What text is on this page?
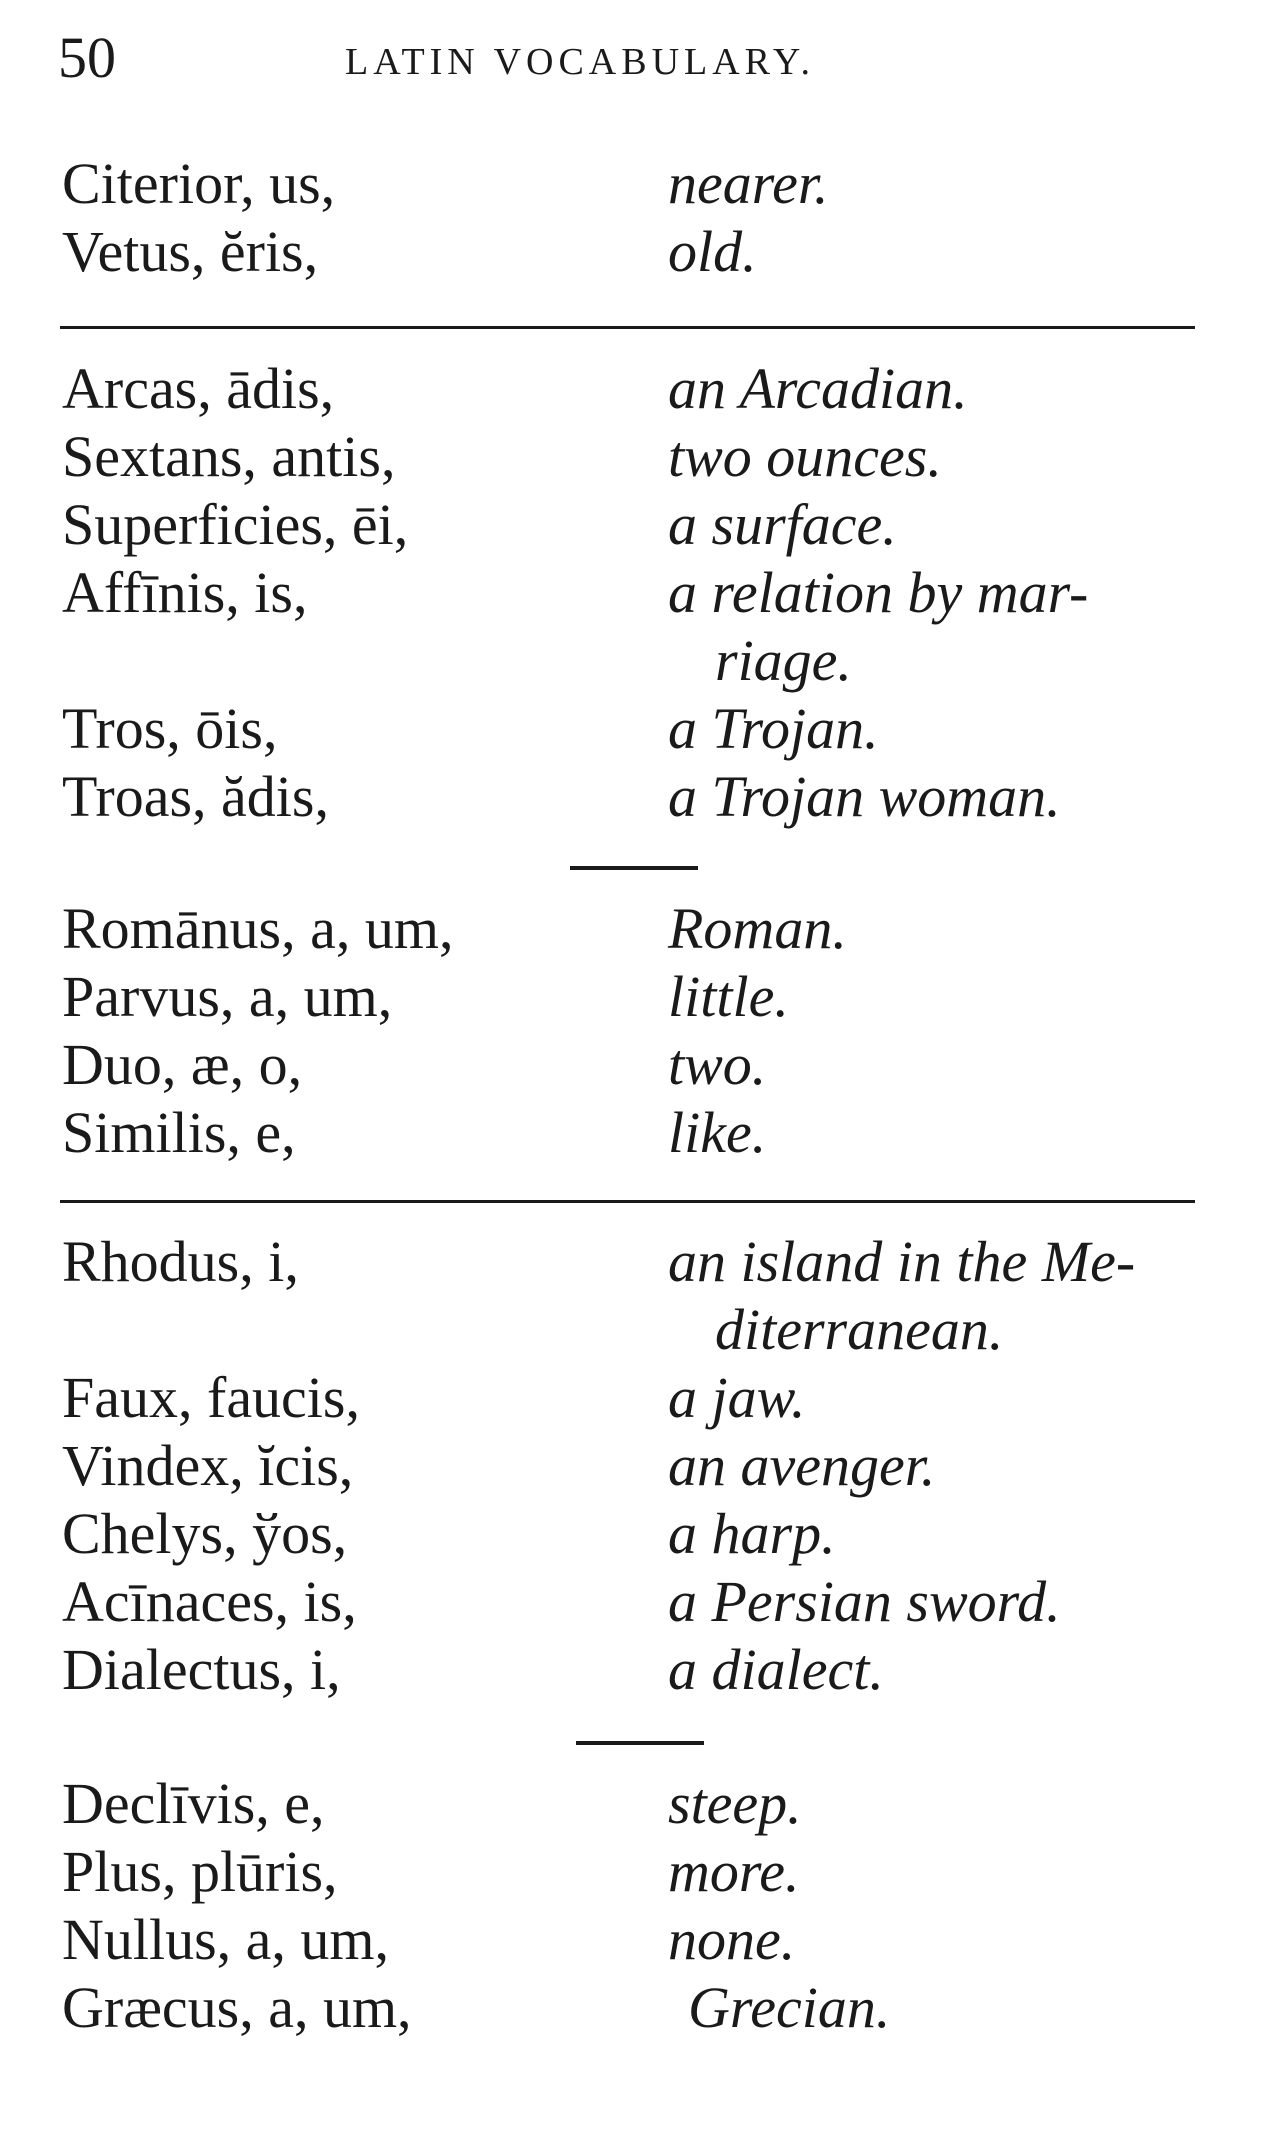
50	LATIN VOCABULARY.
Citerior, us,	nearer.
Vetus, ĕris,	old.
Arcas, ādis,	an Arcadian.
Sextans, antis,	two ounces.
Superficies, ēi,	a surface.
Affīnis, is,	a relation by mar-
riage.
Tros, ōis,	a Trojan.
Troas, ădis,	a Trojan woman.
Romānus, a, um,	Roman.
Parvus, a, um,	little.
Duo, æ, o,	two.
Similis, e,	like.
Rhodus, i,	an island in the Me-
diterranean.
Faux, faucis,	a jaw.
Vindex, ĭcis,	an avenger.
Chelys, ўos,	a harp.
Acīnaces, is,	a Persian sword.
Dialectus, i,	a dialect.
Declīvis, e,	steep.
Plus, plūris,	more.
Nullus, a, um,	none.
Græcus, a, um,	Grecian.
